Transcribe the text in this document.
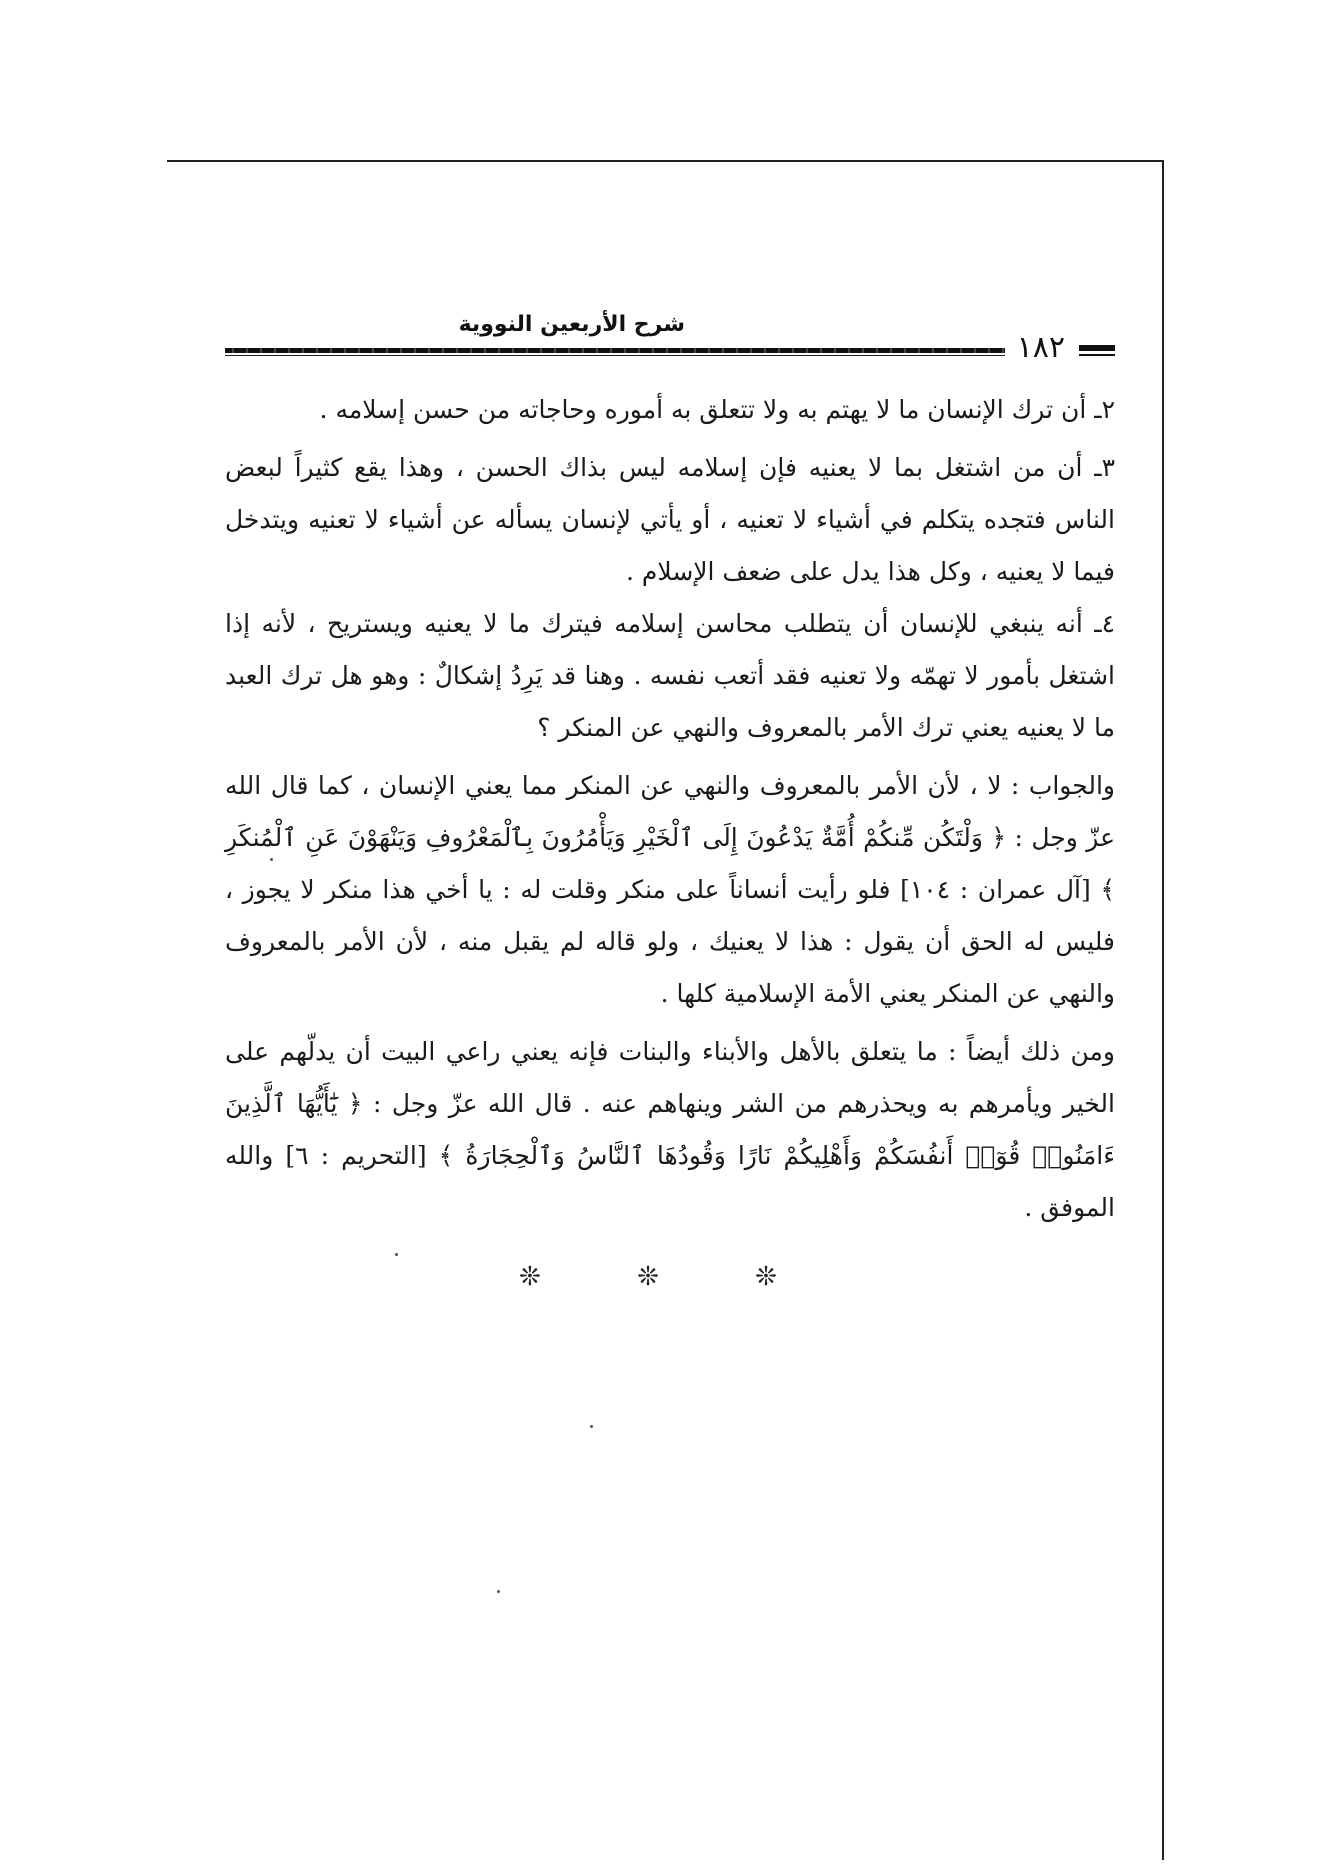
شرح الأربعين النووية
١٨٢

٢ـ أن ترك الإنسان ما لا يهتم به ولا تتعلق به أموره وحاجاته من حسن إسلامه .

٣ـ أن من اشتغل بما لا يعنيه فإن إسلامه ليس بذاك الحسن ، وهذا يقع كثيراً لبعض الناس فتجده يتكلم في أشياء لا تعنيه ، أو يأتي لإنسان يسأله عن أشياء لا تعنيه ويتدخل فيما لا يعنيه ، وكل هذا يدل على ضعف الإسلام .

٤ـ أنه ينبغي للإنسان أن يتطلب محاسن إسلامه فيترك ما لا يعنيه ويستريح ، لأنه إذا اشتغل بأمور لا تهمّه ولا تعنيه فقد أتعب نفسه . وهنا قد يَرِدُ إشكالٌ : وهو هل ترك العبد ما لا يعنيه يعني ترك الأمر بالمعروف والنهي عن المنكر ؟

والجواب : لا ، لأن الأمر بالمعروف والنهي عن المنكر مما يعني الإنسان ، كما قال الله عزّ وجل : ﴿ وَلْتَكُن مِّنكُمْ أُمَّةٌ يَدْعُونَ إِلَى ٱلْخَيْرِ وَيَأْمُرُونَ بِٱلْمَعْرُوفِ وَيَنْهَوْنَ عَنِ ٱلْمُنكَرِ ﴾ [آل عمران : ١٠٤] فلو رأيت أنساناً على منكر وقلت له : يا أخي هذا منكر لا يجوز ، فليس له الحق أن يقول : هذا لا يعنيك ، ولو قاله لم يقبل منه ، لأن الأمر بالمعروف والنهي عن المنكر يعني الأمة الإسلامية كلها .

ومن ذلك أيضاً : ما يتعلق بالأهل والأبناء والبنات فإنه يعني راعي البيت أن يدلّهم على الخير ويأمرهم به ويحذرهم من الشر وينهاهم عنه . قال الله عزّ وجل : ﴿ يَٰٓأَيُّهَا ٱلَّذِينَ ءَامَنُوا۟ قُوٓا۟ أَنفُسَكُمْ وَأَهْلِيكُمْ نَارًا وَقُودُهَا ٱلنَّاسُ وَٱلْحِجَارَةُ ﴾ [التحريم : ٦] والله الموفق .

❊ ❊ ❊
